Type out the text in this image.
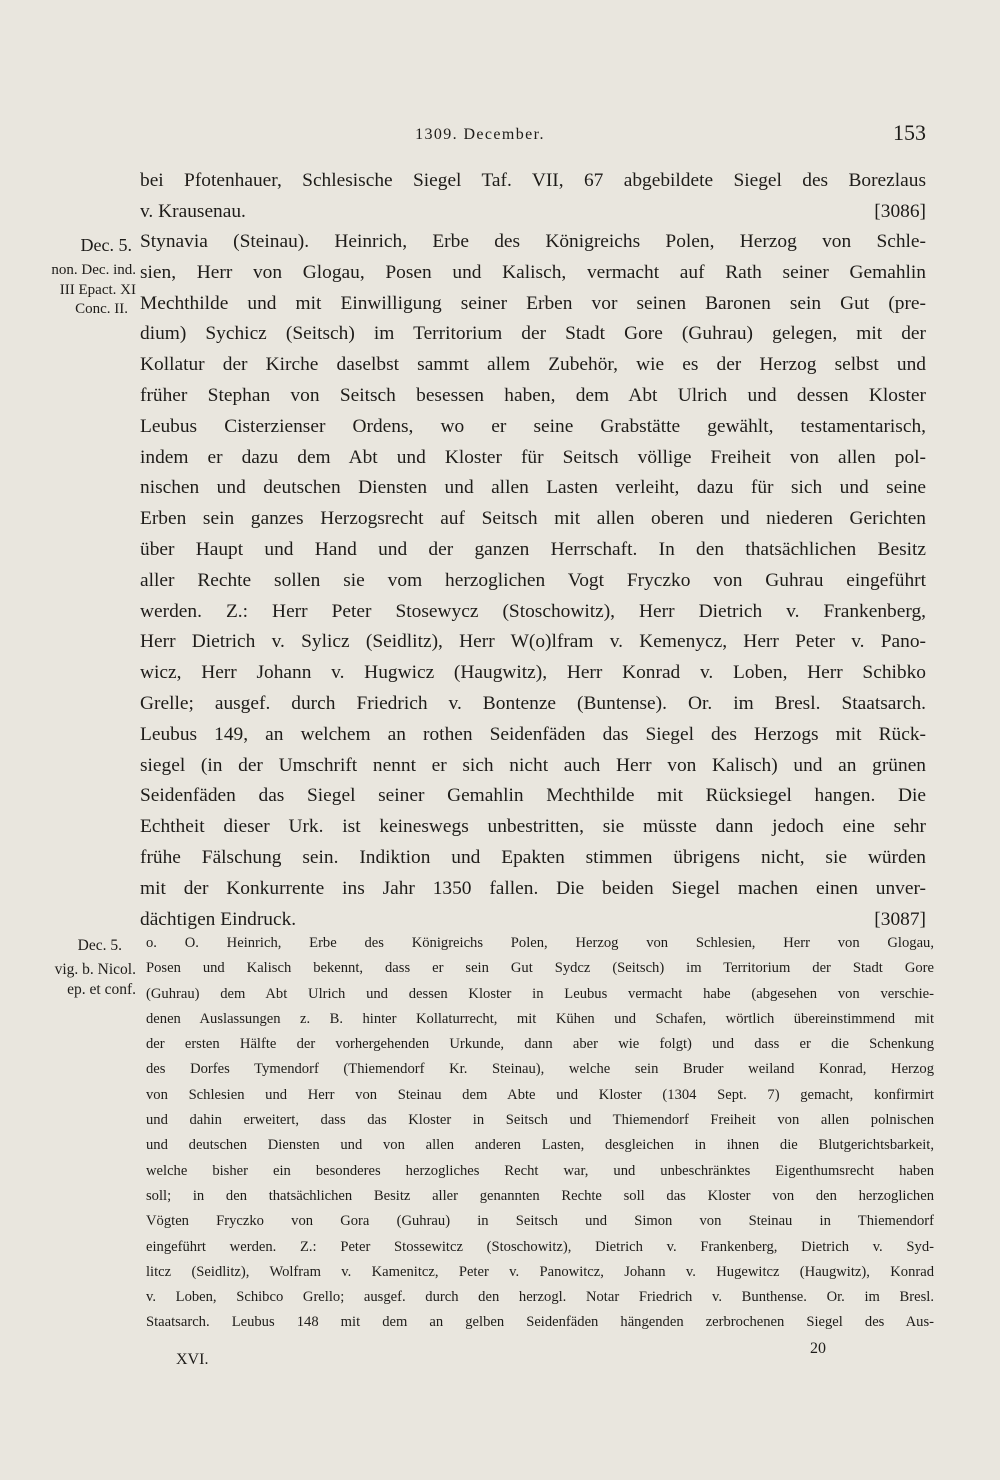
1309. December.	153
bei Pfotenhauer, Schlesische Siegel Taf. VII, 67 abgebildete Siegel des Borezlaus
v. Krausenau.	[3086]
Dec. 5.
non. Dec. ind.
III Epact. XI
Conc. II.
Stynavia (Steinau). Heinrich, Erbe des Königreichs Polen, Herzog von Schle-
sien, Herr von Glogau, Posen und Kalisch, vermacht auf Rath seiner Gemahlin
Mechthilde und mit Einwilligung seiner Erben vor seinen Baronen sein Gut (pre-
dium) Sychicz (Seitsch) im Territorium der Stadt Gore (Guhrau) gelegen, mit der
Kollatur der Kirche daselbst sammt allem Zubehör, wie es der Herzog selbst und
früher Stephan von Seitsch besessen haben, dem Abt Ulrich und dessen Kloster
Leubus Cisterzienser Ordens, wo er seine Grabstätte gewählt, testamentarisch,
indem er dazu dem Abt und Kloster für Seitsch völlige Freiheit von allen pol-
nischen und deutschen Diensten und allen Lasten verleiht, dazu für sich und seine
Erben sein ganzes Herzogsrecht auf Seitsch mit allen oberen und niederen Gerichten
über Haupt und Hand und der ganzen Herrschaft. In den thatsächlichen Besitz
aller Rechte sollen sie vom herzoglichen Vogt Fryczko von Guhrau eingeführt
werden. Z.: Herr Peter Stosewycz (Stoschowitz), Herr Dietrich v. Frankenberg,
Herr Dietrich v. Sylicz (Seidlitz), Herr W(o)lfram v. Kemenycz, Herr Peter v. Pano-
wicz, Herr Johann v. Hugwicz (Haugwitz), Herr Konrad v. Loben, Herr Schibko
Grelle; ausgef. durch Friedrich v. Bontenze (Buntense). Or. im Bresl. Staatsarch.
Leubus 149, an welchem an rothen Seidenfäden das Siegel des Herzogs mit Rück-
siegel (in der Umschrift nennt er sich nicht auch Herr von Kalisch) und an grünen
Seidenfäden das Siegel seiner Gemahlin Mechthilde mit Rücksiegel hangen. Die
Echtheit dieser Urk. ist keineswegs unbestritten, sie müsste dann jedoch eine sehr
frühe Fälschung sein. Indiktion und Epakten stimmen übrigens nicht, sie würden
mit der Konkurrente ins Jahr 1350 fallen. Die beiden Siegel machen einen unver-
dächtigen Eindruck.	[3087]
Dec. 5.
vig. b. Nicol.
ep. et conf.
o. O. Heinrich, Erbe des Königreichs Polen, Herzog von Schlesien, Herr von Glogau,
Posen und Kalisch bekennt, dass er sein Gut Sydcz (Seitsch) im Territorium der Stadt Gore
(Guhrau) dem Abt Ulrich und dessen Kloster in Leubus vermacht habe (abgesehen von verschie-
denen Auslassungen z. B. hinter Kollaturrecht, mit Kühen und Schafen, wörtlich übereinstimmend mit
der ersten Hälfte der vorhergehenden Urkunde, dann aber wie folgt) und dass er die Schenkung
des Dorfes Tymendorf (Thiemendorf Kr. Steinau), welche sein Bruder weiland Konrad, Herzog
von Schlesien und Herr von Steinau dem Abte und Kloster (1304 Sept. 7) gemacht, konfirmirt
und dahin erweitert, dass das Kloster in Seitsch und Thiemendorf Freiheit von allen polnischen
und deutschen Diensten und von allen anderen Lasten, desgleichen in ihnen die Blutgerichtsbarkeit,
welche bisher ein besonderes herzogliches Recht war, und unbeschränktes Eigenthumsrecht haben
soll; in den thatsächlichen Besitz aller genannten Rechte soll das Kloster von den herzoglichen
Vögten Fryczko von Gora (Guhrau) in Seitsch und Simon von Steinau in Thiemendorf
eingeführt werden. Z.: Peter Stossewitcz (Stoschowitz), Dietrich v. Frankenberg, Dietrich v. Syd-
litcz (Seidlitz), Wolfram v. Kamenitcz, Peter v. Panowitcz, Johann v. Hugewitcz (Haugwitz), Konrad
v. Loben, Schibco Grello; ausgef. durch den herzogl. Notar Friedrich v. Bunthense. Or. im Bresl.
Staatsarch. Leubus 148 mit dem an gelben Seidenfäden hängenden zerbrochenen Siegel des Aus-
XVI.
20
